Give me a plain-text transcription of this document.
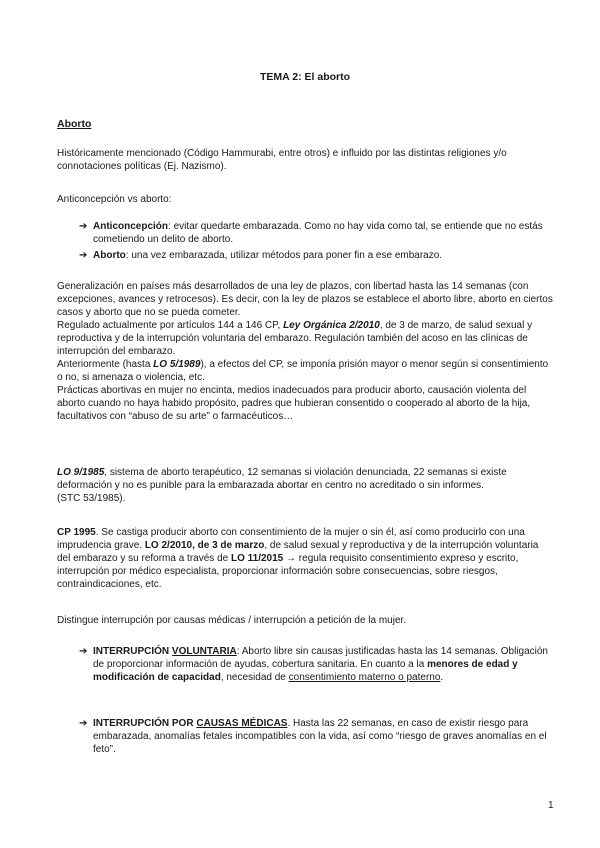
TEMA 2: El aborto

Aborto

Históricamente mencionado (Código Hammurabi, entre otros) e influido por las distintas religiones y/o connotaciones políticas (Ej. Nazismo).

Anticoncepción vs aborto:

➔ Anticoncepción: evitar quedarte embarazada. Como no hay vida como tal, se entiende que no estás cometiendo un delito de aborto.
➔ Aborto: una vez embarazada, utilizar métodos para poner fin a ese embarazo.

Generalización en países más desarrollados de una ley de plazos, con libertad hasta las 14 semanas (con excepciones, avances y retrocesos). Es decir, con la ley de plazos se establece el aborto libre, aborto en ciertos casos y aborto que no se pueda cometer.

Regulado actualmente por artículos 144 a 146 CP, Ley Orgánica 2/2010, de 3 de marzo, de salud sexual y reproductiva y de la interrupción voluntaria del embarazo. Regulación también del acoso en las clínicas de interrupción del embarazo.

Anteriormente (hasta LO 5/1989), a efectos del CP, se imponía prisión mayor o menor según si consentimiento o no, si amenaza o violencia, etc.

Prácticas abortivas en mujer no encinta, medios inadecuados para producir aborto, causación violenta del aborto cuando no haya habido propósito, padres que hubieran consentido o cooperado al aborto de la hija, facultativos con “abuso de su arte” o farmacéuticos…

LO 9/1985, sistema de aborto terapéutico, 12 semanas si violación denunciada, 22 semanas si existe deformación y no es punible para la embarazada abortar en centro no acreditado o sin informes.

(STC 53/1985).

CP 1995. Se castiga producir aborto con consentimiento de la mujer o sin él, así como producirlo con una imprudencia grave. LO 2/2010, de 3 de marzo, de salud sexual y reproductiva y de la interrupción voluntaria del embarazo y su reforma a través de LO 11/2015 → regula requisito consentimiento expreso y escrito, interrupción por médico especialista, proporcionar información sobre consecuencias, sobre riesgos, contraindicaciones, etc.

Distingue interrupción por causas médicas / interrupción a petición de la mujer.

➔ INTERRUPCIÓN VOLUNTARIA: Aborto libre sin causas justificadas hasta las 14 semanas. Obligación de proporcionar información de ayudas, cobertura sanitaria. En cuanto a la menores de edad y modificación de capacidad, necesidad de consentimiento materno o paterno.
➔ INTERRUPCIÓN POR CAUSAS MÉDICAS. Hasta las 22 semanas, en caso de existir riesgo para embarazada, anomalías fetales incompatibles con la vida, así como “riesgo de graves anomalías en el feto”.
1
